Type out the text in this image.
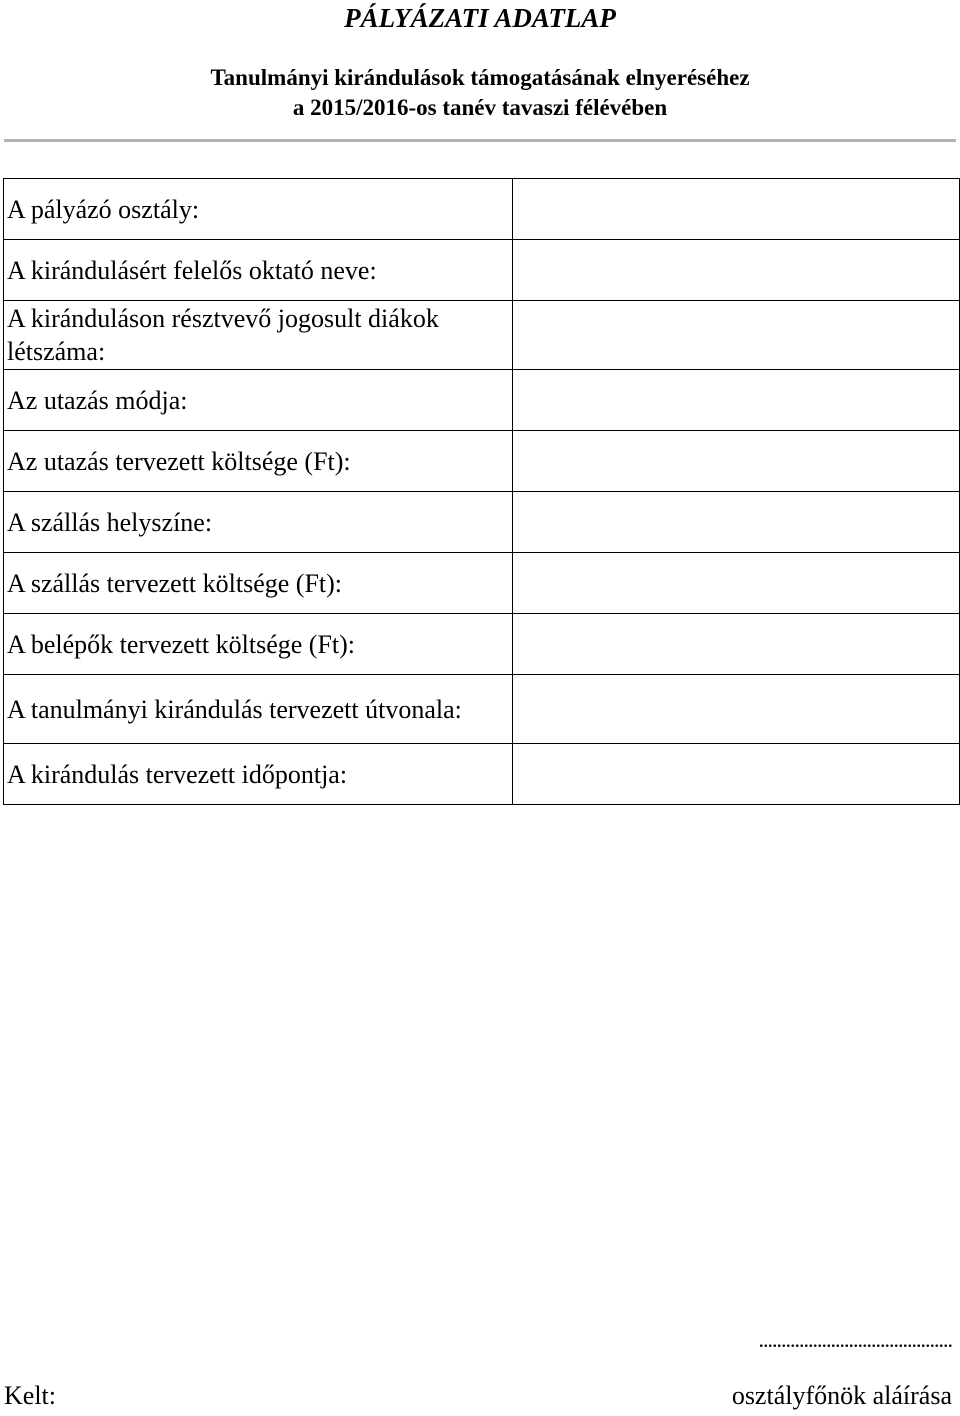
PÁLYÁZATI ADATLAP
Tanulmányi kirándulások támogatásának elnyeréséhez
a 2015/2016-os tanév tavaszi félévében
A pályázó osztály:	
A kirándulásért felelős oktató neve:	
A kiránduláson résztvevő jogosult diákok létszáma:	
Az utazás módja:	
Az utazás tervezett költsége (Ft):	
A szállás helyszíne:	
A szállás tervezett költsége (Ft):	
A belépők tervezett költsége (Ft):	
A tanulmányi kirándulás tervezett útvonala:	
A kirándulás tervezett időpontja:	
...........................................
Kelt:	osztályfőnök aláírása
